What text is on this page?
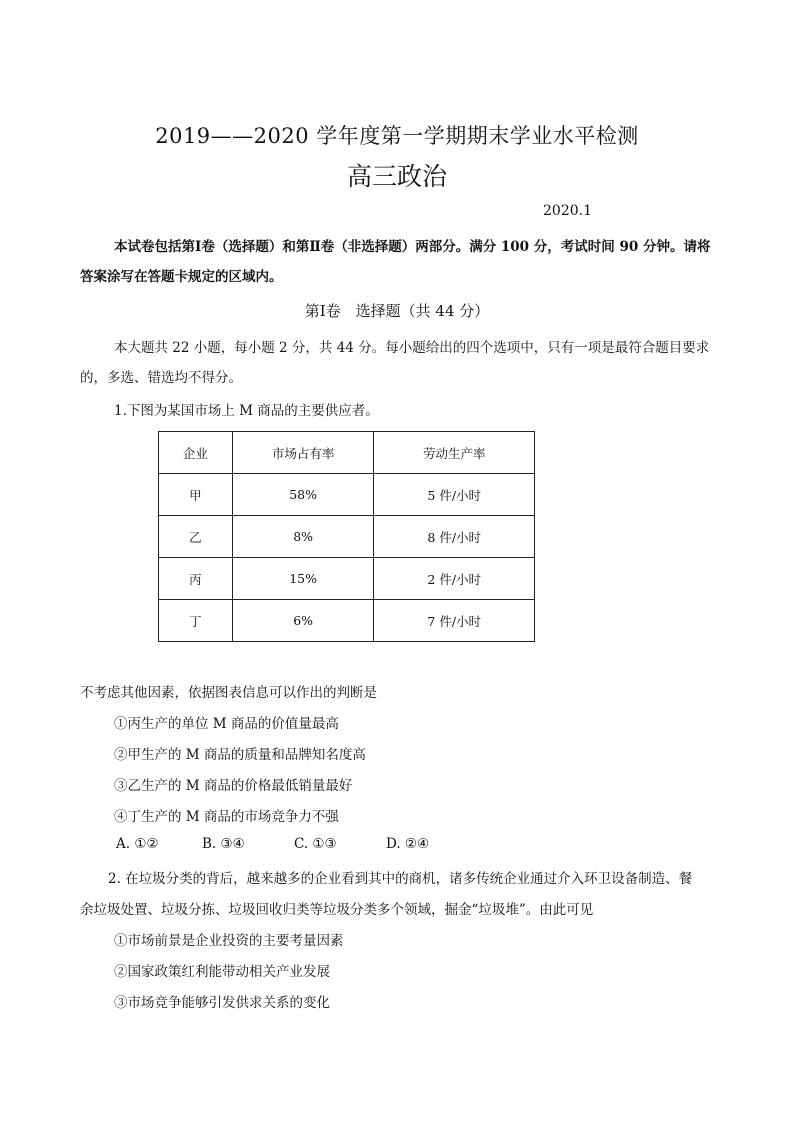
2019——2020 学年度第一学期期末学业水平检测
高三政治
2020.1
本试卷包括第Ⅰ卷（选择题）和第Ⅱ卷（非选择题）两部分。满分 100 分，考试时间 90 分钟。请将答案涂写在答题卡规定的区域内。
第Ⅰ卷　选择题（共 44 分）
本大题共 22 小题，每小题 2 分，共 44 分。每小题给出的四个选项中，只有一项是最符合题目要求的，多选、错选均不得分。
1.下图为某国市场上 M 商品的主要供应者。
企业	市场占有率	劳动生产率
甲	58%	5 件/小时
乙	8%	8 件/小时
丙	15%	2 件/小时
丁	6%	7 件/小时
不考虑其他因素，依据图表信息可以作出的判断是
①丙生产的单位 M 商品的价值量最高
②甲生产的 M 商品的质量和品牌知名度高
③乙生产的 M 商品的价格最低销量最好
④丁生产的 M 商品的市场竞争力不强
A. ①②	B. ③④	C. ①③	D. ②④
2. 在垃圾分类的背后，越来越多的企业看到其中的商机，诸多传统企业通过介入环卫设备制造、餐
余垃圾处置、垃圾分拣、垃圾回收归类等垃圾分类多个领域，掘金“垃圾堆”。由此可见
①市场前景是企业投资的主要考量因素
②国家政策红利能带动相关产业发展
③市场竞争能够引发供求关系的变化
